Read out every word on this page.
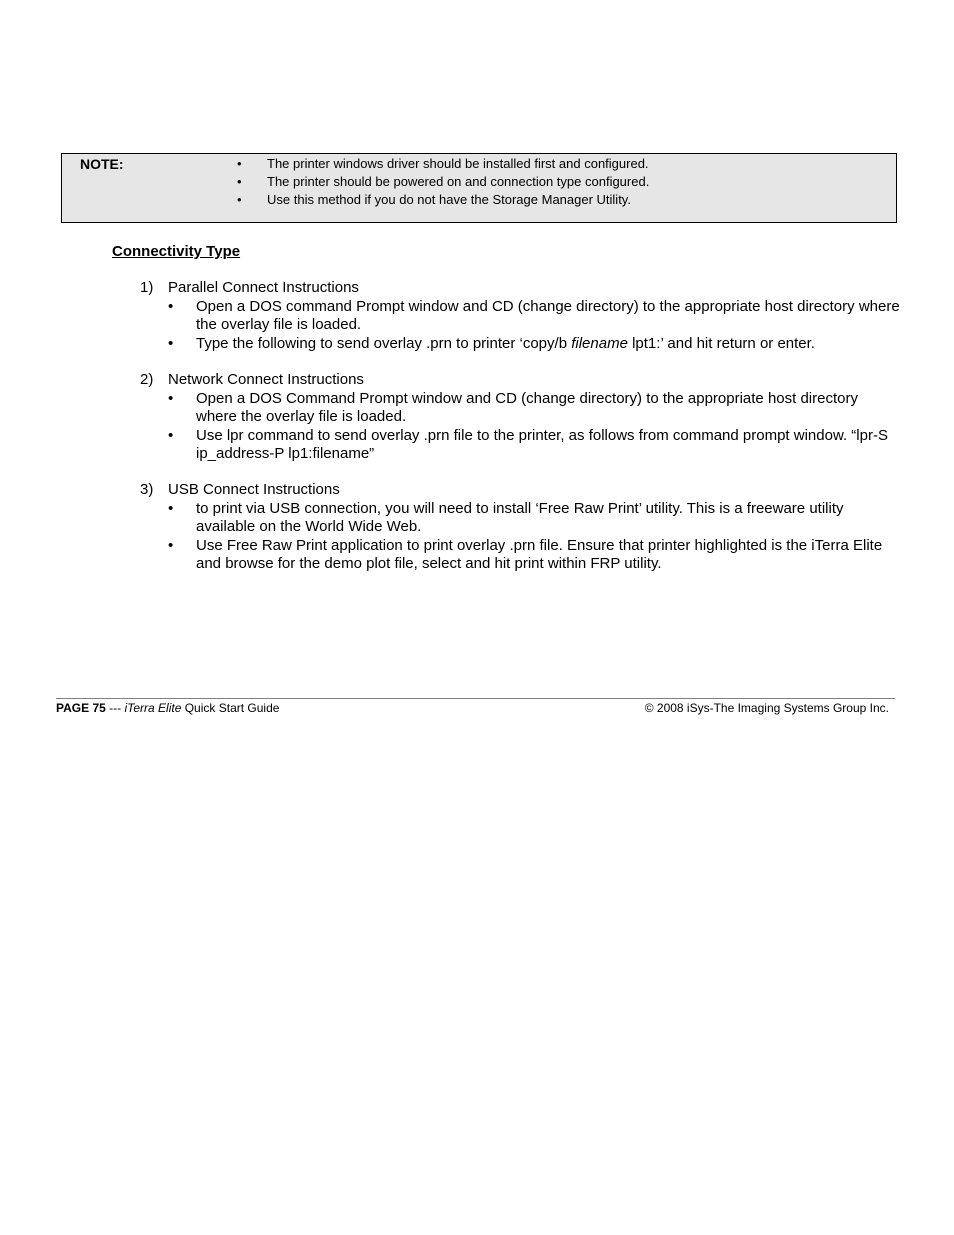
NOTE:
•	The printer windows driver should be installed first and configured.
• The printer should be powered on and connection type configured.
• Use this method if you do not have the Storage Manager Utility.
Connectivity Type
1) Parallel Connect Instructions
• Open a DOS command Prompt window and CD (change directory) to the appropriate host directory where the overlay file is loaded.
• Type the following to send overlay .prn to printer ‘copy/b filename lpt1:’ and hit return or enter.
2) Network Connect Instructions
• Open a DOS Command Prompt window and CD (change directory) to the appropriate host directory where the overlay file is loaded.
• Use lpr command to send overlay .prn file to the printer, as follows from command prompt window. “lpr-S ip_address-P lp1:filename”
3) USB Connect Instructions
• to print via USB connection, you will need to install ‘Free Raw Print’ utility. This is a freeware utility available on the World Wide Web.
• Use Free Raw Print application to print overlay .prn file. Ensure that printer highlighted is the iTerra Elite and browse for the demo plot file, select and hit print within FRP utility.
PAGE 75 --- iTerra Elite Quick Start Guide	© 2008 iSys-The Imaging Systems Group Inc.
